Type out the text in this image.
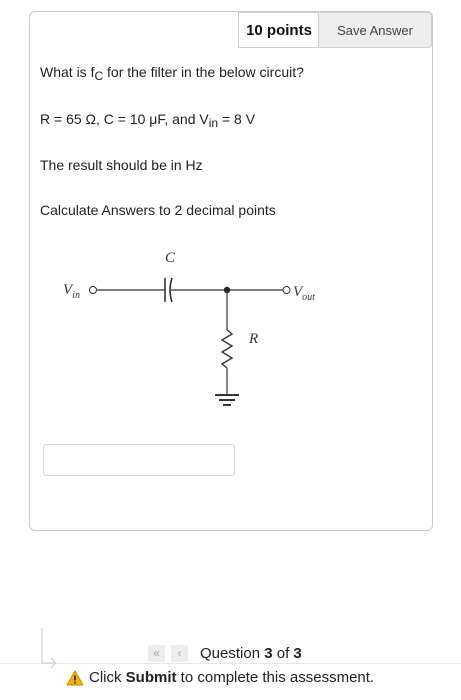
10 points	Save Answer
What is $f_C$ for the filter in the below circuit?
R = 65 Ω, C = 10 μF, and $V_{in} = 8$ V
The result should be in Hz
Calculate Answers to 2 decimal points
C
$V_{in}$	$V_{out}$
R
«	‹	Question 3 of 3
Click Submit to complete this assessment.
